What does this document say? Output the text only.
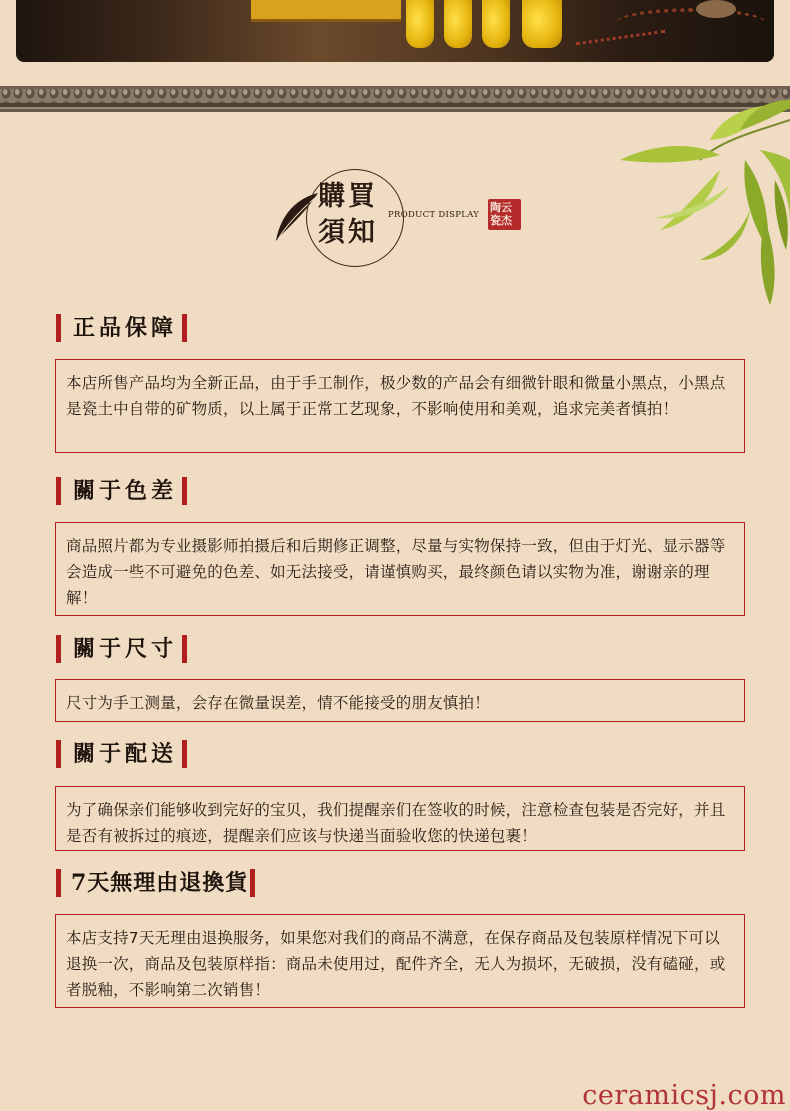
購 買
須 知
PRODUCT DISPLAY
陶云
瓷杰
正品保障
本店所售产品均为全新正品，由于手工制作，极少数的产品会有细微针眼和微量小黑点，小黑点是瓷土中自带的矿物质，以上属于正常工艺现象，不影响使用和美观，追求完美者慎拍！
關于色差
商品照片都为专业摄影师拍摄后和后期修正调整，尽量与实物保持一致，但由于灯光、显示器等会造成一些不可避免的色差、如无法接受，请谨慎购买，最终颜色请以实物为准，谢谢亲的理解！
關于尺寸
尺寸为手工测量，会存在微量误差，情不能接受的朋友慎拍！
關于配送
为了确保亲们能够收到完好的宝贝，我们提醒亲们在签收的时候，注意检查包装是否完好，并且是否有被拆过的痕迹，提醒亲们应该与快递当面验收您的快递包裹！
7天無理由退換貨
本店支持7天无理由退换服务，如果您对我们的商品不满意，在保存商品及包装原样情况下可以退换一次，商品及包装原样指：商品未使用过，配件齐全，无人为损坏，无破损，没有磕碰，或者脱釉，不影响第二次销售！
ceramicsj.com
